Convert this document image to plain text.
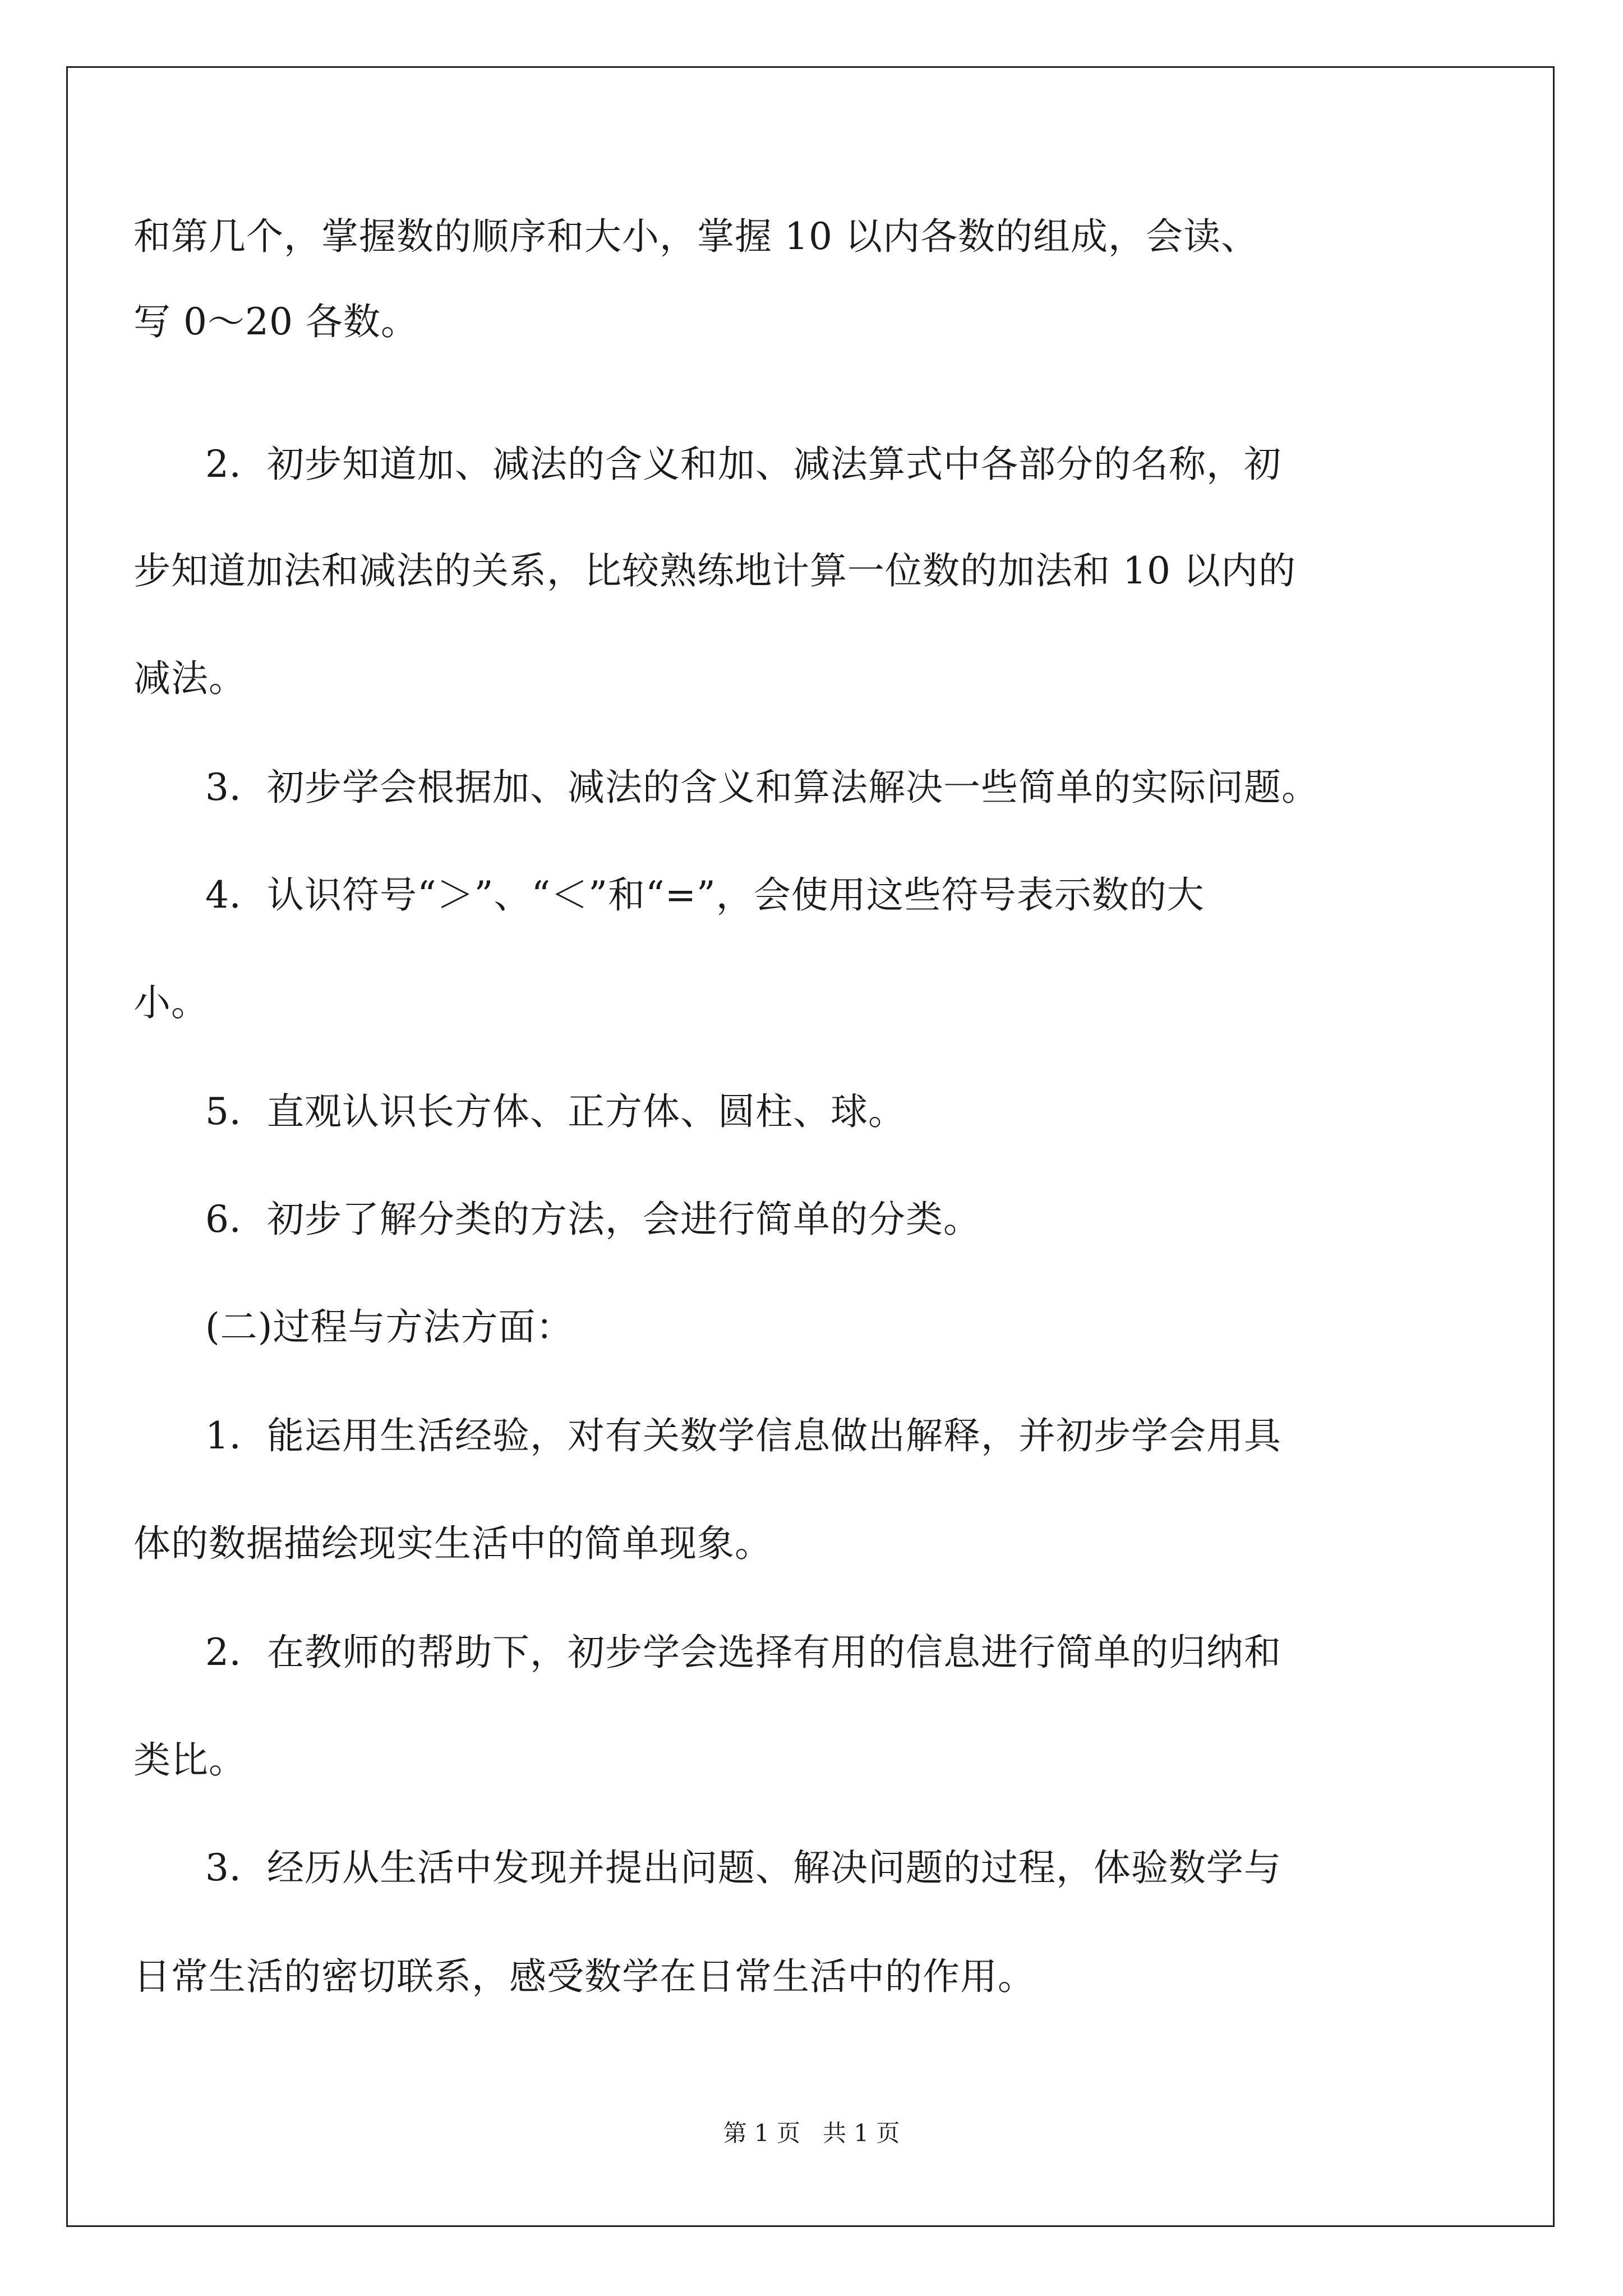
和第几个，掌握数的顺序和大小，掌握 10 以内各数的组成，会读、
写 0～20 各数。
2．初步知道加、减法的含义和加、减法算式中各部分的名称，初
步知道加法和减法的关系，比较熟练地计算一位数的加法和 10 以内的
减法。
3．初步学会根据加、减法的含义和算法解决一些简单的实际问题。
4．认识符号“＞”、“＜”和“=”，会使用这些符号表示数的大
小。
5．直观认识长方体、正方体、圆柱、球。
6．初步了解分类的方法，会进行简单的分类。
(二)过程与方法方面：
1．能运用生活经验，对有关数学信息做出解释，并初步学会用具
体的数据描绘现实生活中的简单现象。
2．在教师的帮助下，初步学会选择有用的信息进行简单的归纳和
类比。
3．经历从生活中发现并提出问题、解决问题的过程，体验数学与
日常生活的密切联系，感受数学在日常生活中的作用。
第 1 页 共 1 页
